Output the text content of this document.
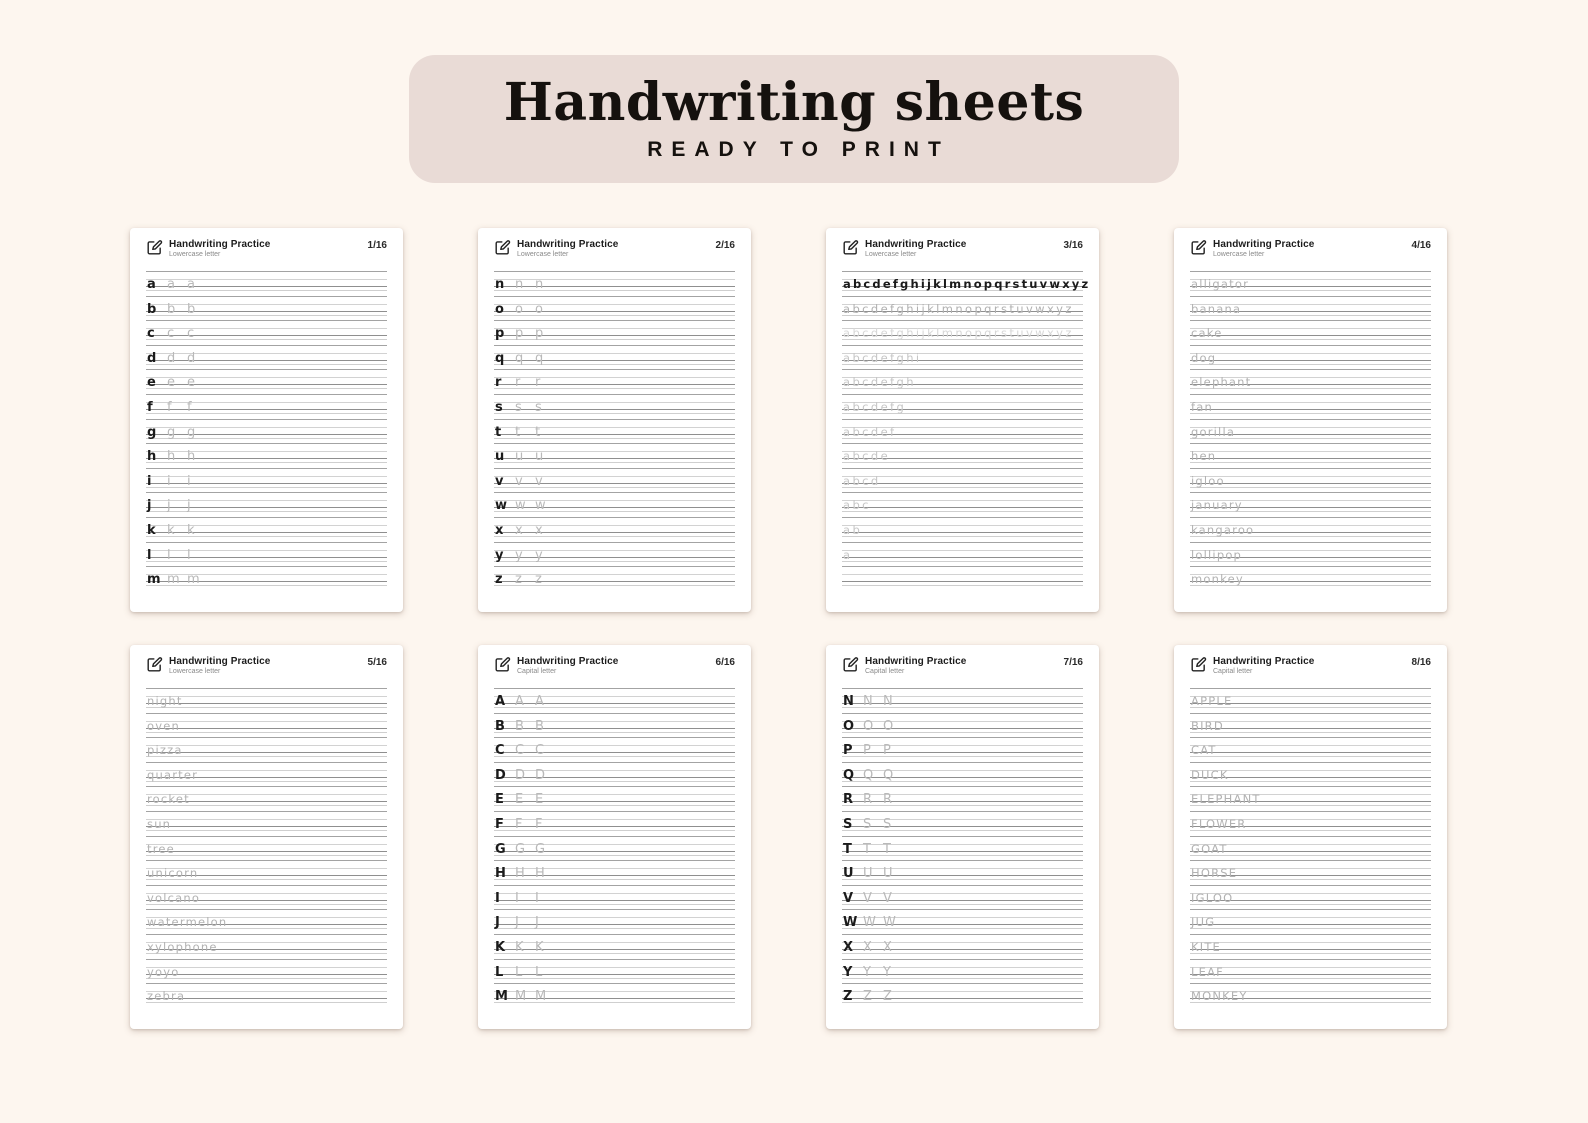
Handwriting sheets
READY TO PRINT
Handwriting Practice
Lowercase letter
1/16
a a a
b b b
c c c
d d d
e e e
f f f
g g g
h h h
i i i
j j j
k k k
l l l
m m m
Handwriting Practice
Lowercase letter
2/16
n n n
o o o
p p p
q q q
r r r
s s s
t t t
u u u
v v v
w w w
x x x
y y y
z z z
Handwriting Practice
Lowercase letter
3/16
abcdefghijklmnopqrstuvwxyz
abcdefghijklmnopqrstuvwxyz
abcdefghijklmnopqrstuvwxyz
abcdefghi
abcdefgh
abcdefg
abcdef
abcde
abcd
abc
ab
a
Handwriting Practice
Lowercase letter
4/16
alligator
banana
cake
dog
elephant
fan
gorilla
hen
igloo
january
kangaroo
lollipop
monkey
Handwriting Practice
Lowercase letter
5/16
night
oven
pizza
quarter
rocket
sun
tree
unicorn
volcano
watermelon
xylophone
yoyo
zebra
Handwriting Practice
Capital letter
6/16
A A A
B B B
C C C
D D D
E E E
F F F
G G G
H H H
I I I
J J J
K K K
L L L
M M M
Handwriting Practice
Capital letter
7/16
N N N
O O O
P P P
Q Q Q
R R R
S S S
T T T
U U U
V V V
W W W
X X X
Y Y Y
Z Z Z
Handwriting Practice
Capital letter
8/16
APPLE
BIRD
CAT
DUCK
ELEPHANT
FLOWER
GOAT
HORSE
IGLOO
JUG
KITE
LEAF
MONKEY
